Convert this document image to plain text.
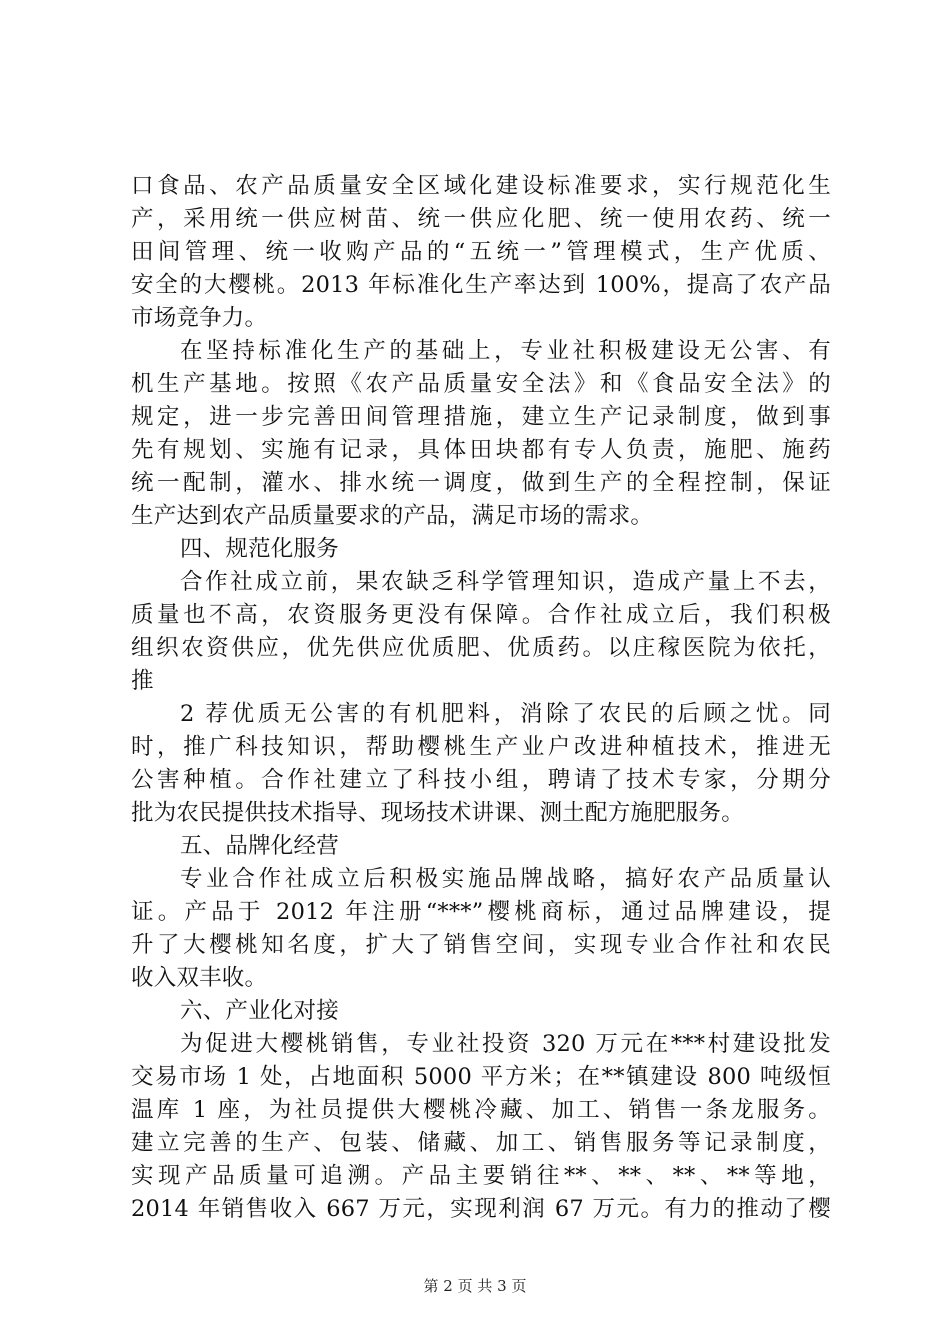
口食品、农产品质量安全区域化建设标准要求，实行规范化生
产，采用统一供应树苗、统一供应化肥、统一使用农药、统一
田间管理、统一收购产品的“五统一”管理模式，生产优质、
安全的大樱桃。2013 年标准化生产率达到 100%，提高了农产品
市场竞争力。
在坚持标准化生产的基础上，专业社积极建设无公害、有
机生产基地。按照《农产品质量安全法》和《食品安全法》的
规定，进一步完善田间管理措施，建立生产记录制度，做到事
先有规划、实施有记录，具体田块都有专人负责，施肥、施药
统一配制，灌水、排水统一调度，做到生产的全程控制，保证
生产达到农产品质量要求的产品，满足市场的需求。
四、规范化服务
合作社成立前，果农缺乏科学管理知识，造成产量上不去，
质量也不高，农资服务更没有保障。合作社成立后，我们积极
组织农资供应，优先供应优质肥、优质药。以庄稼医院为依托，
推
2 荐优质无公害的有机肥料，消除了农民的后顾之忧。同
时，推广科技知识，帮助樱桃生产业户改进种植技术，推进无
公害种植。合作社建立了科技小组，聘请了技术专家，分期分
批为农民提供技术指导、现场技术讲课、测土配方施肥服务。
五、品牌化经营
专业合作社成立后积极实施品牌战略，搞好农产品质量认
证。产品于 2012 年注册“***”樱桃商标，通过品牌建设，提
升了大樱桃知名度，扩大了销售空间，实现专业合作社和农民
收入双丰收。
六、产业化对接
为促进大樱桃销售，专业社投资 320 万元在***村建设批发
交易市场 1 处，占地面积 5000 平方米；在**镇建设 800 吨级恒
温库 1 座，为社员提供大樱桃冷藏、加工、销售一条龙服务。
建立完善的生产、包装、储藏、加工、销售服务等记录制度，
实现产品质量可追溯。产品主要销往**、**、**、**等地，
2014 年销售收入 667 万元，实现利润 67 万元。有力的推动了樱
第 2 页 共 3 页
